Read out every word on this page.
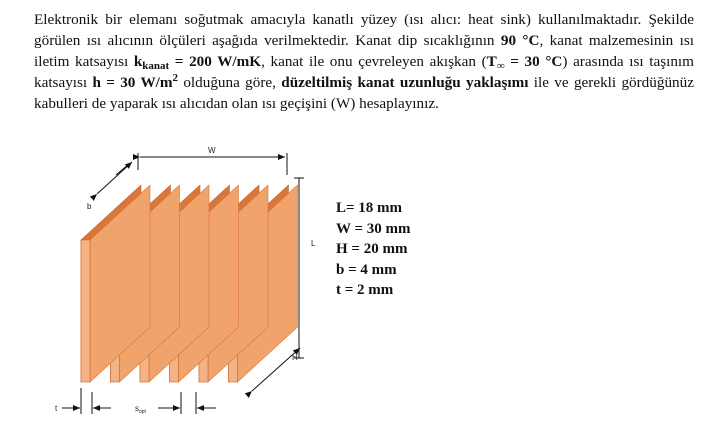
Elektronik bir elemanı soğutmak amacıyla kanatlı yüzey (ısı alıcı: heat sink) kullanılmaktadır. Şekilde görülen ısı alıcının ölçüleri aşağıda verilmektedir. Kanat dip sıcaklığının 90 °C, kanat malzemesinin ısı iletim katsayısı $k_{kanat} = 200$ W/mK, kanat ile onu çevreleyen akışkan ($T_\infty = 30$ °C) arasında ısı taşınım katsayısı h = 30 $W/m^2$ olduğuna göre, düzeltilmiş kanat uzunluğu yaklaşımı ile ve gerekli gördüğünüz kabulleri de yaparak ısı alıcıdan olan ısı geçişini (W) hesaplayınız.
W
b
L
H
t	$s_{opt}$
L= 18 mm
W = 30 mm
H = 20 mm
b = 4 mm
t = 2 mm
